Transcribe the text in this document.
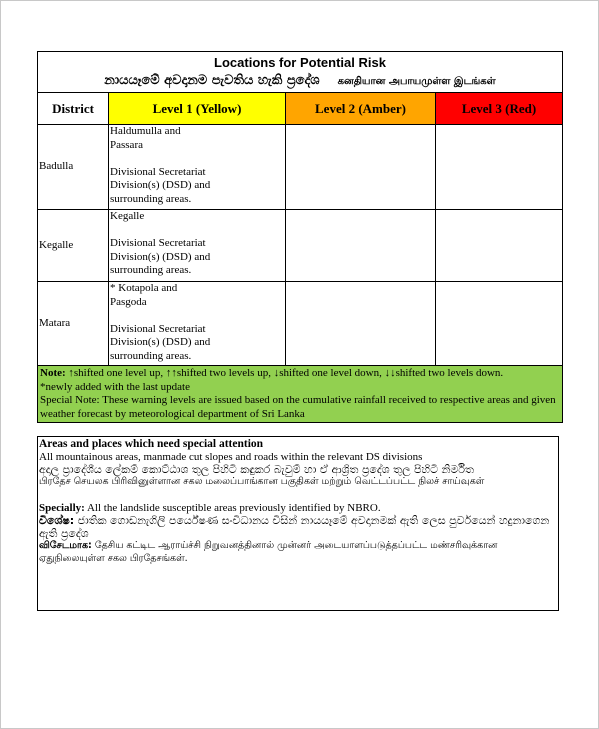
Locations for Potential Risk
නායයෑමේ අවදානම පැවතිය හැකි ප්‍රදේශ கனதியான அபாயமுள்ள இடங்கள்			

District	Level 1 (Yellow)	Level 2 (Amber)	Level 3 (Red)
Badulla	Haldumulla and
Passara
Divisional Secretariat
Division(s) (DSD) and
surrounding areas.		

Kegalle	Kegalle
Divisional Secretariat
Division(s) (DSD) and
surrounding areas.		

Matara	* Kotapola and
Pasgoda
Divisional Secretariat
Division(s) (DSD) and
surrounding areas.		

Note: ↑shifted one level up, ↑↑shifted two levels up, ↓shifted one level down, ↓↓shifted two levels down.
*newly added with the last update
Special Note: These warning levels are issued based on the cumulative rainfall received to respective areas and given weather forecast by meteorological department of Sri Lanka			
Areas and places which need special attention
All mountainous areas, manmade cut slopes and roads within the relevant DS divisions
අදාල ප්‍රාදේශීය ලේකම් කොට්ඨාශ තුල පිහිටි කඳුකර බැවුම් හා ඒ ආශ්‍රිත ප්‍රදේශ තුල පිහිටි නිර්මිත
பிரதேச செயலக பிரிவினுள்ளான சகல மலைப்பாங்கான பகுதிகள் மற்றும் வெட்டப்பட்ட நிலச் சாய்வுகள்
Specially: All the landslide susceptible areas previously identified by NBRO.
විශේෂ: ජාතික ගොඩනැගිලි පර්යේෂණ සංවිධානය විසින් නායයෑමේ අවදානමක් ඇති ලෙස පුර්වයෙන් හදුනාගෙන ඇති ප්‍රදේශ
விசேடமாக: தேசிய கட்டிட ஆராய்ச்சி நிறுவனத்தினால் முன்னர் அடையாளப்படுத்தப்பட்ட மண்சரிவுக்கான ஏதுநிலையுள்ள சகல பிரதேசங்கள்.
